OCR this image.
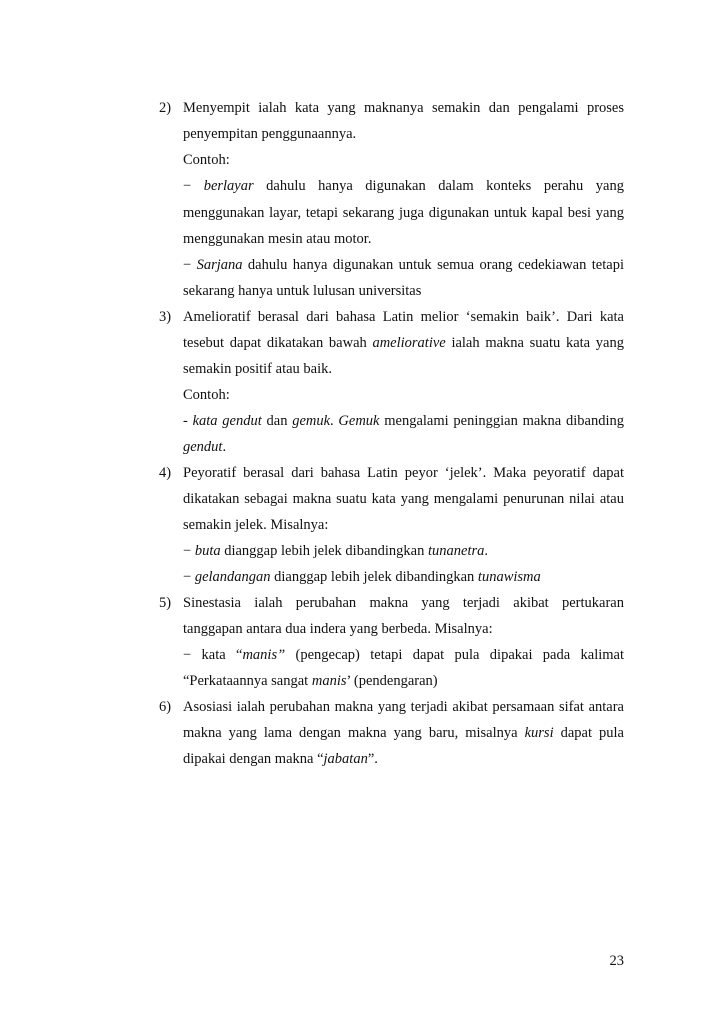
2) Menyempit ialah kata yang maknanya semakin dan pengalami proses
penyempitan penggunaannya.
Contoh:
− berlayar dahulu hanya digunakan dalam konteks perahu yang
menggunakan layar, tetapi sekarang juga digunakan untuk kapal besi yang
menggunakan mesin atau motor.
− Sarjana dahulu hanya digunakan untuk semua orang cedekiawan tetapi
sekarang hanya untuk lulusan universitas
3) Amelioratif berasal dari bahasa Latin melior ‘semakin baik’. Dari kata
tesebut dapat dikatakan bawah ameliorative ialah makna suatu kata yang
semakin positif atau baik.
Contoh:
- kata gendut dan gemuk. Gemuk mengalami peninggian makna dibanding
gendut.
4) Peyoratif berasal dari bahasa Latin peyor ‘jelek’. Maka peyoratif dapat
dikatakan sebagai makna suatu kata yang mengalami penurunan nilai atau
semakin jelek. Misalnya:
− buta dianggap lebih jelek dibandingkan tunanetra.
− gelandangan dianggap lebih jelek dibandingkan tunawisma
5) Sinestasia ialah perubahan makna yang terjadi akibat pertukaran
tanggapan antara dua indera yang berbeda. Misalnya:
− kata “manis” (pengecap) tetapi dapat pula dipakai pada kalimat
“Perkataannya sangat manis’ (pendengaran)
6) Asosiasi ialah perubahan makna yang terjadi akibat persamaan sifat antara
makna yang lama dengan makna yang baru, misalnya kursi dapat pula
dipakai dengan makna “jabatan”.
23
